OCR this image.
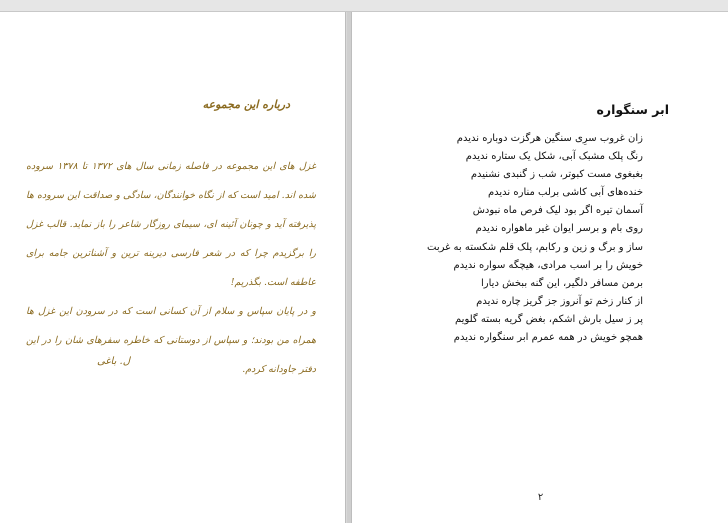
درباره این مجموعه

غزل های این مجموعه در فاصله زمانی سال های ۱۳۷۲ تا ۱۳۷۸ سروده شده اند. امید است که از نگاه خوانندگان، سادگی و صداقت این سروده ها پذیرفته آید و چونان آئینه ای، سیمای روزگار شاعر را باز نماید. قالب غزل را برگزیدم چرا که در شعر فارسی دیرینه ترین و آشناترین جامه برای عاطفه است. بگذریم!

و در پایان سپاس و سلام از آن کسانی است که در سرودن این غزل ها همراه من بودند؛ و سپاس از دوستانی که خاطره سفرهای شان را در این دفتر جاودانه کردم.

ل. باغی
ابر سنگواره
زان غروب سرِی سنگین هرگزت دوباره ندیدم
رنگ پلک مشبک آبی، شکل یک ستاره ندیدم
بغبغوی مست کبوتر، شب ز گنبدی نشنیدم
خنده‌های آبی کاشی برلب مناره ندیدم
آسمان تیره اگر بود لیک فرص ماه نبودش
روی بام و برسر ایوان غیر ماهواره ندیدم
ساز و برگ و زین و رکابم، پلک قلم شکسته به غربت
خویش را بر اسب مرادی، هیچگه سواره ندیدم
برمن مسافر دلگیر، این گنه ببخش دیارا
از کنار زخم تو آنروز جز گریز چاره ندیدم
پر ز سیل بارش اشکم، بغض گریه بسته گلویم
همچو خویش در همه عمرم ابر سنگواره ندیدم
۲
